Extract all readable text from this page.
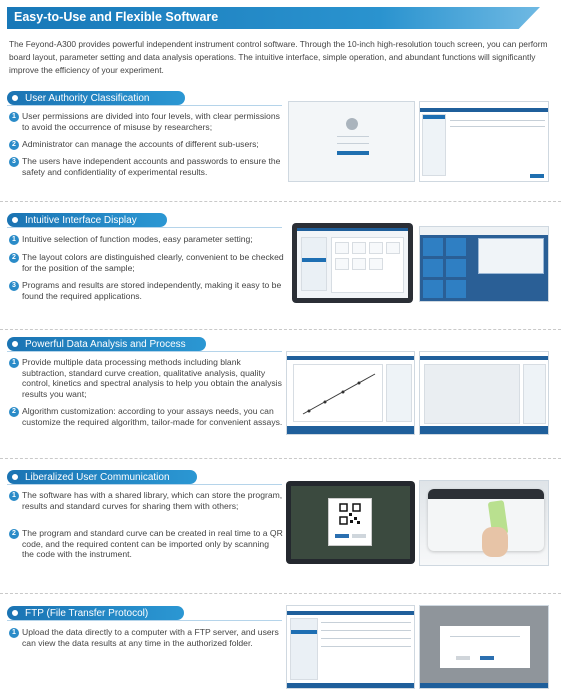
Easy-to-Use and Flexible Software

The Feyond-A300 provides powerful independent instrument control software. Through the 10-inch high-resolution touch screen, you can perform board layout, parameter setting and data analysis operations. The intuitive interface, simple operation, and abundant functions will significantly improve the efficiency of your experiment.

User Authority Classification
1 User permissions are divided into four levels, with clear permissions to avoid the occurrence of misuse by researchers;
2 Administrator can manage the accounts of different sub-users;
3 The users have independent accounts and passwords to ensure the safety and confidentiality of experimental results.
Intuitive Interface Display
1 Intuitive selection of function modes, easy parameter setting;
2 The layout colors are distinguished clearly, convenient to be checked for the position of the sample;
3 Programs and results are stored independently, making it easy to be found the required applications.
Powerful Data Analysis and Process
1 Provide multiple data processing methods including blank subtraction, standard curve creation, qualitative analysis, quality control, kinetics and spectral analysis to help you obtain the analysis results you want;
2 Algorithm customization: according to your assays needs, you can customize the required algorithm, tailor-made for convenient assays.
Liberalized User Communication
1 The software has with a shared library, which can store the program, results and standard curves for sharing them with others;
2 The program and standard curve can be created in real time to a QR code, and the required content can be imported only by scanning the code with the instrument.
FTP (File Transfer Protocol)
1 Upload the data directly to a computer with a FTP server, and users can view the data results at any time in the authorized folder.
